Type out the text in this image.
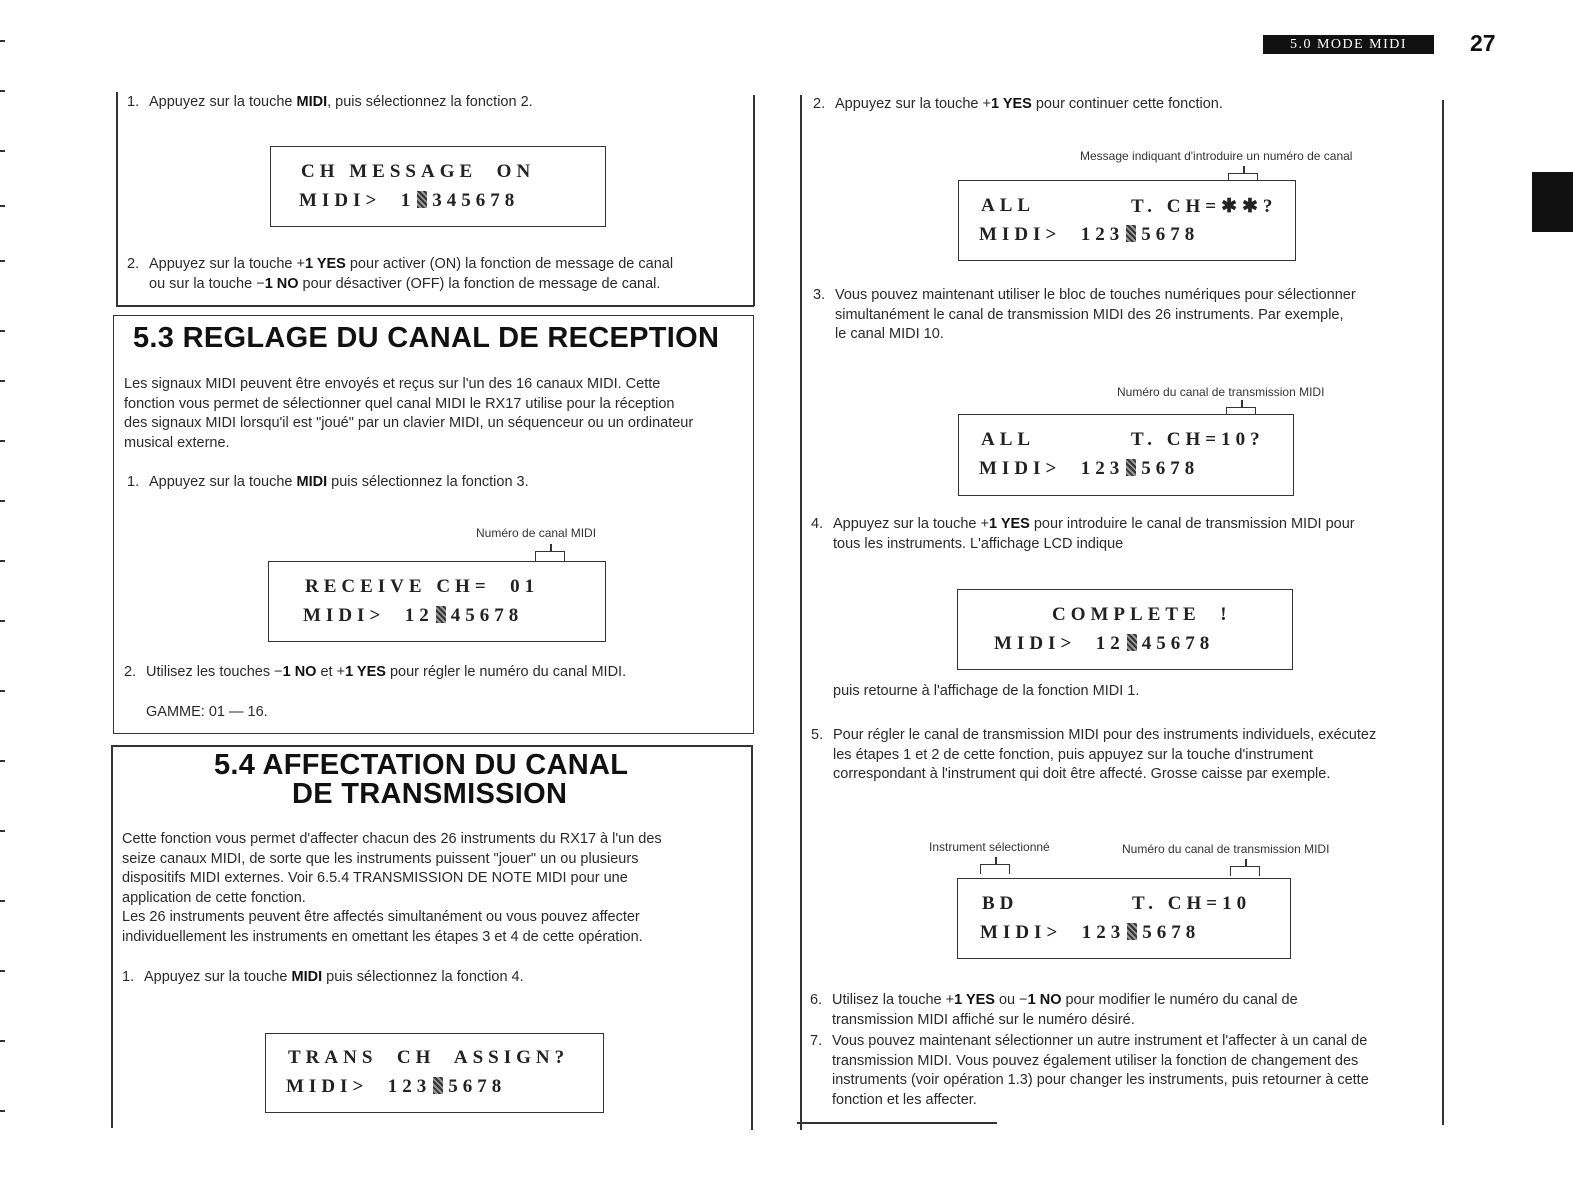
5.0 MODE MIDI	27
1. Appuyez sur la touche MIDI, puis sélectionnez la fonction 2.
CH MESSAGE  ON
MIDI>  1 345678
2. Appuyez sur la touche +1 YES pour activer (ON) la fonction de message de canal
ou sur la touche −1 NO pour désactiver (OFF) la fonction de message de canal.
5.3 REGLAGE DU CANAL DE RECEPTION
Les signaux MIDI peuvent être envoyés et reçus sur l'un des 16 canaux MIDI. Cette
fonction vous permet de sélectionner quel canal MIDI le RX17 utilise pour la réception
des signaux MIDI lorsqu'il est "joué" par un clavier MIDI, un séquenceur ou un ordinateur
musical externe.
1. Appuyez sur la touche MIDI puis sélectionnez la fonction 3.
Numéro de canal MIDI
RECEIVE CH=  01
MIDI>  12 45678
2. Utilisez les touches −1 NO et +1 YES pour régler le numéro du canal MIDI.
GAMME: 01 — 16.
5.4 AFFECTATION DU CANAL
DE TRANSMISSION
Cette fonction vous permet d'affecter chacun des 26 instruments du RX17 à l'un des
seize canaux MIDI, de sorte que les instruments puissent "jouer" un ou plusieurs
dispositifs MIDI externes. Voir 6.5.4 TRANSMISSION DE NOTE MIDI pour une
application de cette fonction.
Les 26 instruments peuvent être affectés simultanément ou vous pouvez affecter
individuellement les instruments en omettant les étapes 3 et 4 de cette opération.
1. Appuyez sur la touche MIDI puis sélectionnez la fonction 4.
TRANS  CH  ASSIGN?
MIDI>  123 5678
2. Appuyez sur la touche +1 YES pour continuer cette fonction.
Message indiquant d'introduire un numéro de canal
ALL	T. CH=✱✱?
MIDI>  123 5678
3. Vous pouvez maintenant utiliser le bloc de touches numériques pour sélectionner
simultanément le canal de transmission MIDI des 26 instruments. Par exemple,
le canal MIDI 10.
Numéro du canal de transmission MIDI
ALL	T. CH=10?
MIDI>  123 5678
4. Appuyez sur la touche +1 YES pour introduire le canal de transmission MIDI pour
tous les instruments. L'affichage LCD indique
COMPLETE  !
MIDI>  12 45678
puis retourne à l'affichage de la fonction MIDI 1.
5. Pour régler le canal de transmission MIDI pour des instruments individuels, exécutez
les étapes 1 et 2 de cette fonction, puis appuyez sur la touche d'instrument
correspondant à l'instrument qui doit être affecté. Grosse caisse par exemple.
Instrument sélectionné	Numéro du canal de transmission MIDI
BD	T. CH=10
MIDI>  123 5678
6. Utilisez la touche +1 YES ou −1 NO pour modifier le numéro du canal de
transmission MIDI affiché sur le numéro désiré.
7. Vous pouvez maintenant sélectionner un autre instrument et l'affecter à un canal de
transmission MIDI. Vous pouvez également utiliser la fonction de changement des
instruments (voir opération 1.3) pour changer les instruments, puis retourner à cette
fonction et les affecter.
